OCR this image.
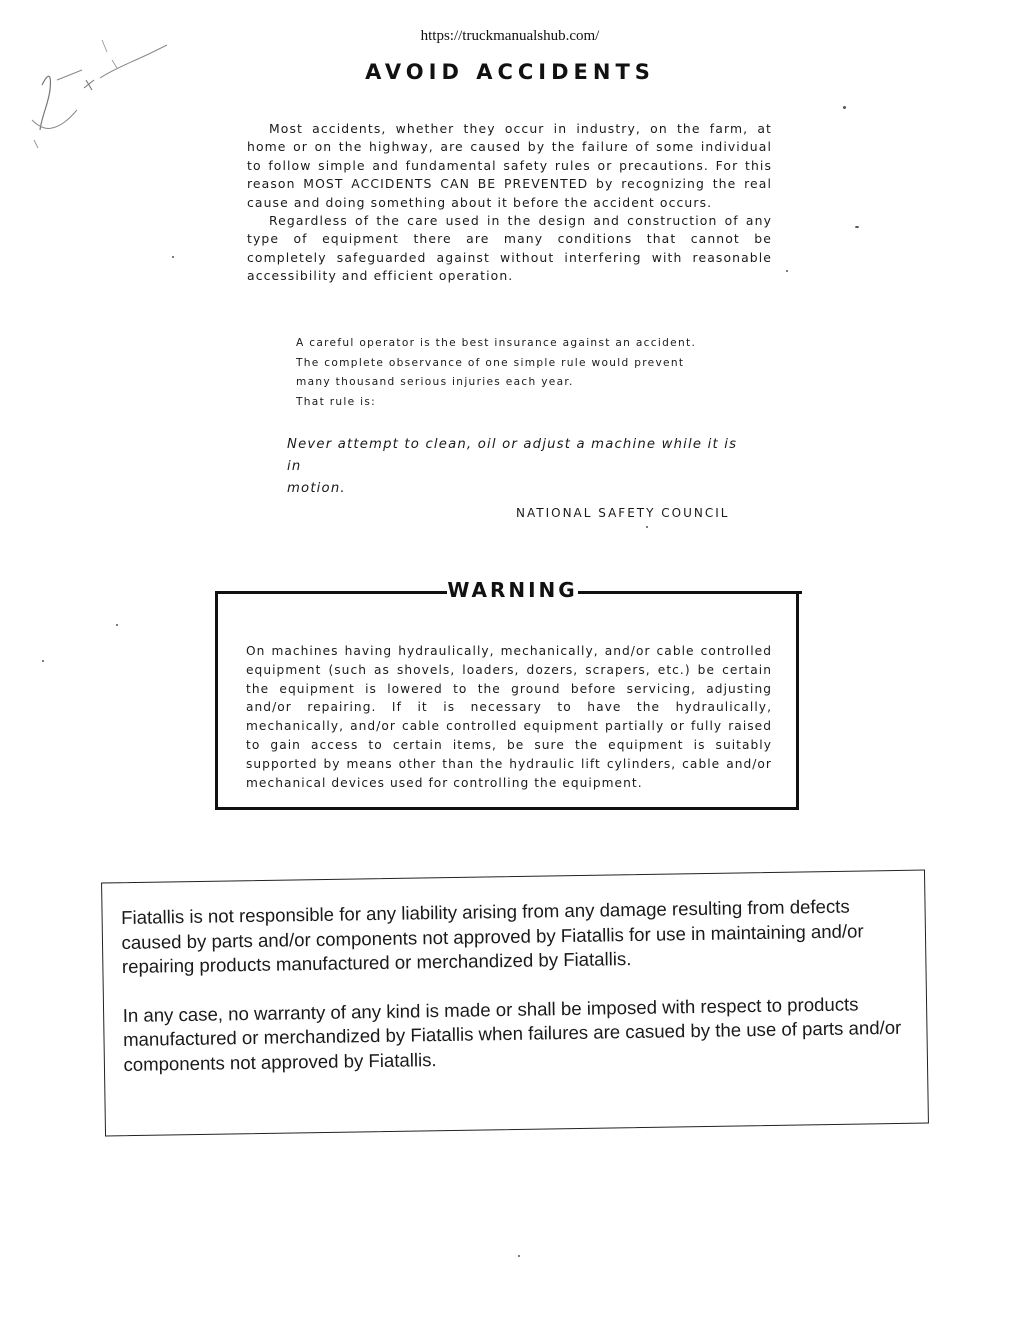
https://truckmanualshub.com/
AVOID ACCIDENTS

Most accidents, whether they occur in industry, on the farm, at home or on the highway, are caused by the failure of some individual to follow simple and fundamental safety rules or precautions. For this reason MOST ACCIDENTS CAN BE PREVENTED by recognizing the real cause and doing something about it before the accident occurs.

Regardless of the care used in the design and construction of any type of equipment there are many conditions that cannot be completely safeguarded against without interfering with reasonable accessibility and efficient operation.

A careful operator is the best insurance against an accident.
The complete observance of one simple rule would prevent
many thousand serious injuries each year.
That rule is:
Never attempt to clean, oil or adjust a machine while it is in
motion.
NATIONAL SAFETY COUNCIL
WARNING
On machines having hydraulically, mechanically, and/or cable controlled equipment (such as shovels, loaders, dozers, scrapers, etc.) be certain the equipment is lowered to the ground before servicing, adjusting and/or repairing. If it is necessary to have the hydraulically, mechanically, and/or cable controlled equipment partially or fully raised to gain access to certain items, be sure the equipment is suitably supported by means other than the hydraulic lift cylinders, cable and/or mechanical devices used for controlling the equipment.

Fiatallis is not responsible for any liability arising from any damage resulting from defects caused by parts and/or components not approved by Fiatallis for use in maintaining and/or repairing products manufactured or merchandized by Fiatallis.

In any case, no warranty of any kind is made or shall be imposed with respect to products manufactured or merchandized by Fiatallis when failures are casued by the use of parts and/or components not approved by Fiatallis.
